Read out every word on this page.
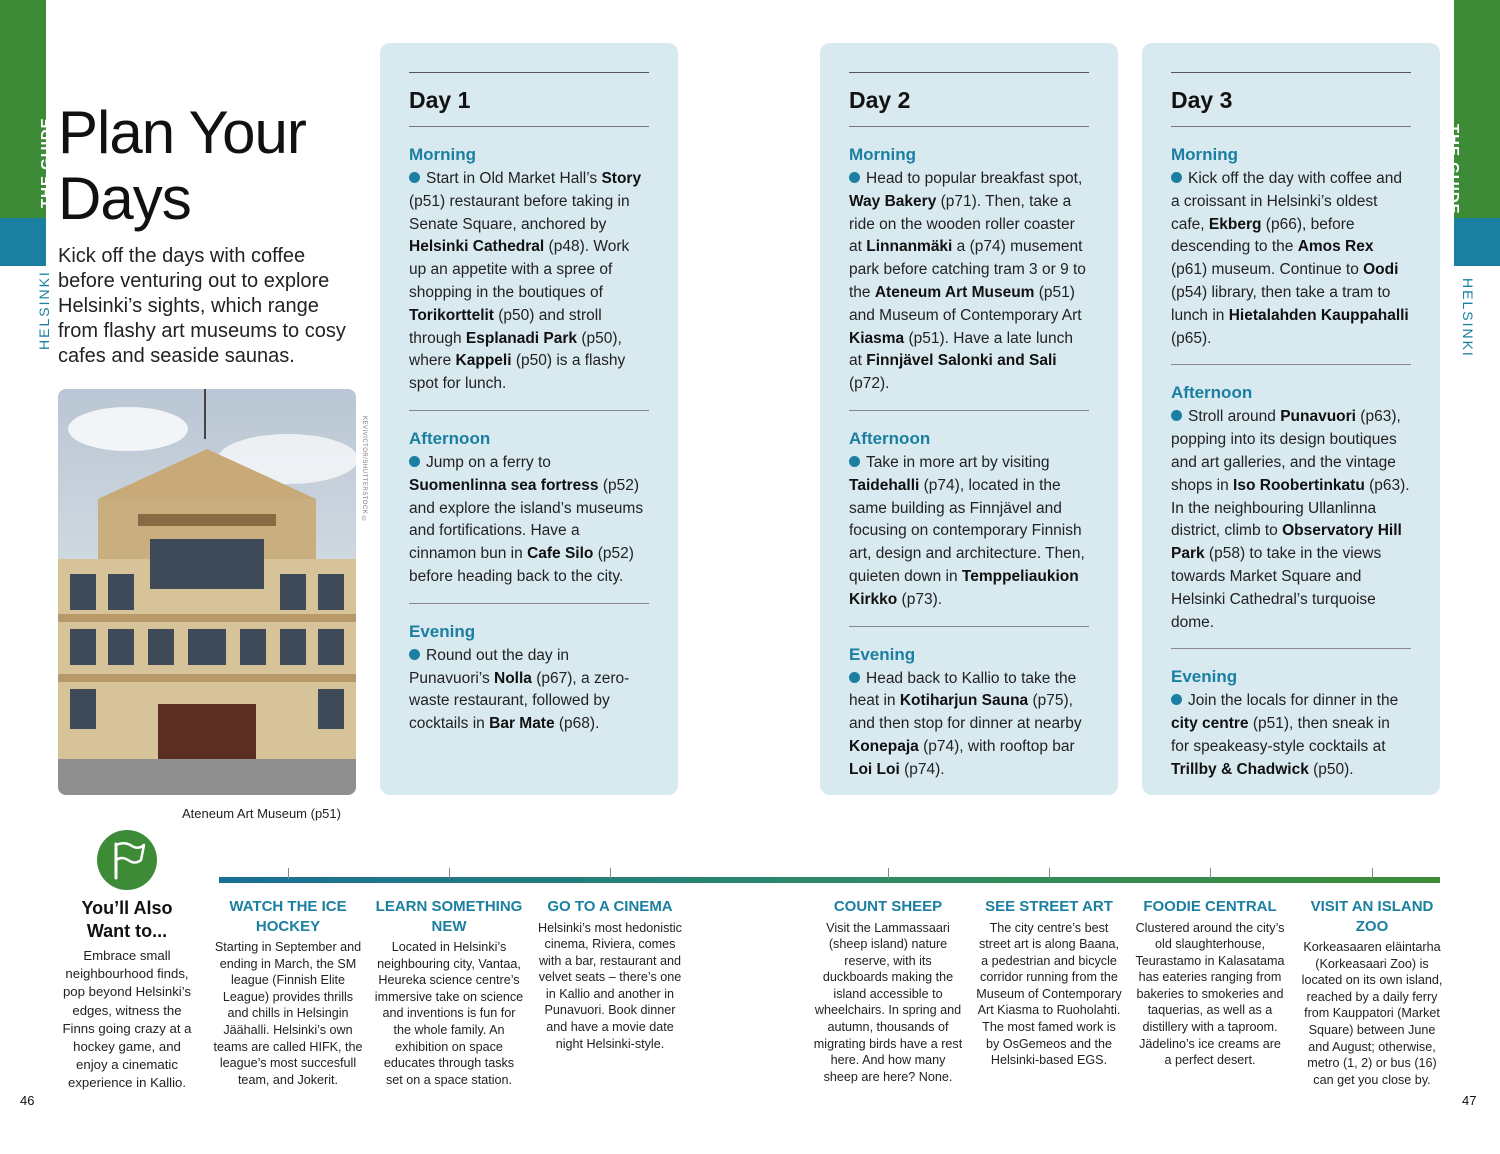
THE GUIDE
HELSINKI
THE GUIDE
HELSINKI
Plan Your
Days
Kick off the days with coffee before venturing out to explore Helsinki’s sights, which range from flashy art museums to cosy cafes and seaside saunas.
KEVIVICTOR/SHUTTERSTOCK ©
Ateneum Art Museum (p51)
Day 1
Morning
Start in Old Market Hall’s Story (p51) restaurant before taking in Senate Square, anchored by Helsinki Cathedral (p48). Work up an appetite with a spree of shopping in the boutiques of Torikorttelit (p50) and stroll through Esplanadi Park (p50), where Kappeli (p50) is a flashy spot for lunch.
Afternoon
Jump on a ferry to Suomenlinna sea fortress (p52) and explore the island’s museums and fortifications. Have a cinnamon bun in Cafe Silo (p52) before heading back to the city.
Evening
Round out the day in Punavuori’s Nolla (p67), a zero-waste restaurant, followed by cocktails in Bar Mate (p68).
Day 2
Morning
Head to popular breakfast spot, Way Bakery (p71). Then, take a ride on the wooden roller coaster at Linnanmäki a (p74) musement park before catching tram 3 or 9 to the Ateneum Art Museum (p51) and Museum of Contemporary Art Kiasma (p51). Have a late lunch at Finnjävel Salonki and Sali (p72).
Afternoon
Take in more art by visiting Taidehalli (p74), located in the same building as Finnjävel and focusing on contemporary Finnish art, design and architecture. Then, quieten down in Temppeliaukion Kirkko (p73).
Evening
Head back to Kallio to take the heat in Kotiharjun Sauna (p75), and then stop for dinner at nearby Konepaja (p74), with rooftop bar Loi Loi (p74).
Day 3
Morning
Kick off the day with coffee and a croissant in Helsinki’s oldest cafe, Ekberg (p66), before descending to the Amos Rex (p61) museum. Continue to Oodi (p54) library, then take a tram to lunch in Hietalahden Kauppahalli (p65).
Afternoon
Stroll around Punavuori (p63), popping into its design boutiques and art galleries, and the vintage shops in Iso Roobertinkatu (p63). In the neighbouring Ullanlinna district, climb to Observatory Hill Park (p58) to take in the views towards Market Square and Helsinki Cathedral’s turquoise dome.
Evening
Join the locals for dinner in the city centre (p51), then sneak in for speakeasy-style cocktails at Trillby & Chadwick (p50).
You’ll Also Want to...
Embrace small neighbourhood finds, pop beyond Helsinki’s edges, witness the Finns going crazy at a hockey game, and enjoy a cinematic experience in Kallio.
WATCH THE ICE HOCKEY
Starting in September and ending in March, the SM league (Finnish Elite League) provides thrills and chills in Helsingin Jäähalli. Helsinki’s own teams are called HIFK, the league’s most succesfull team, and Jokerit.
LEARN SOMETHING NEW
Located in Helsinki’s neighbouring city, Vantaa, Heureka science centre’s immersive take on science and inventions is fun for the whole family. An exhibition on space educates through tasks set on a space station.
GO TO A CINEMA
Helsinki’s most hedonistic cinema, Riviera, comes with a bar, restaurant and velvet seats – there’s one in Kallio and another in Punavuori. Book dinner and have a movie date night Helsinki-style.
COUNT SHEEP
Visit the Lammassaari (sheep island) nature reserve, with its duckboards making the island accessible to wheelchairs. In spring and autumn, thousands of migrating birds have a rest here. And how many sheep are here? None.
SEE STREET ART
The city centre’s best street art is along Baana, a pedestrian and bicycle corridor running from the Museum of Contemporary Art Kiasma to Ruoholahti. The most famed work is by OsGemeos and the Helsinki-based EGS.
FOODIE CENTRAL
Clustered around the city’s old slaughterhouse, Teurastamo in Kalasatama has eateries ranging from bakeries to smokeries and taquerias, as well as a distillery with a taproom. Jädelino’s ice creams are a perfect desert.
VISIT AN ISLAND ZOO
Korkeasaaren eläintarha (Korkeasaari Zoo) is located on its own island, reached by a daily ferry from Kauppatori (Market Square) between June and August; otherwise, metro (1, 2) or bus (16) can get you close by.
46	47
